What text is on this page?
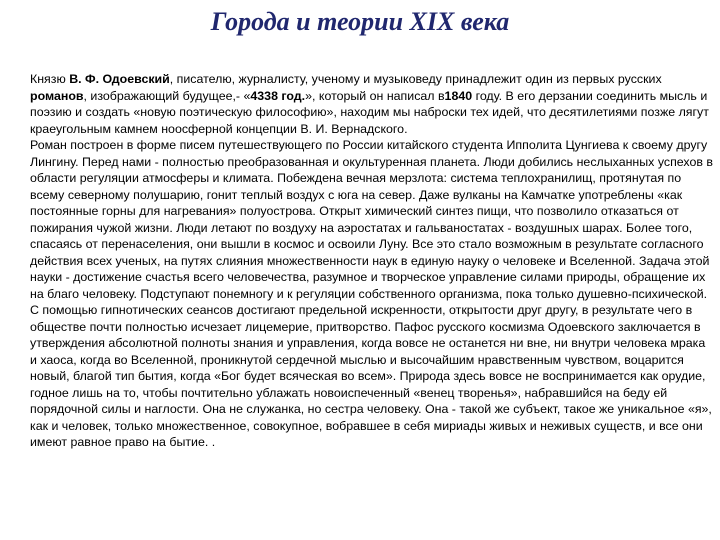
Города и теории XIX века

Князю В. Ф. Одоевский, писателю, журналисту, ученому и музыковеду принадлежит один из первых русских романов, изображающий будущее,- «4338 год.», который он написал в1840 году. В его дерзании соединить мысль и поэзию и создать «новую поэтическую философию», находим мы наброски тех идей, что десятилетиями позже лягут краеугольным камнем ноосферной концепции В. И. Вернадского.

Роман построен в форме писем путешествующего по России китайского студента Ипполита Цунгиева к своему другу Лингину. Перед нами - полностью преобразованная и окультуренная планета. Люди добились неслыханных успехов в области регуляции атмосферы и климата. Побеждена вечная мерзлота: система теплохранилищ, протянутая по всему северному полушарию, гонит теплый воздух с юга на север. Даже вулканы на Камчатке употреблены «как постоянные горны для нагревания» полуострова. Открыт химический синтез пищи, что позволило отказаться от пожирания чужой жизни. Люди летают по воздуху на аэростатах и гальваностатах - воздушных шарах. Более того, спасаясь от перенаселения, они вышли в космос и освоили Луну. Все это стало возможным в результате согласного действия всех ученых, на путях слияния множественности наук в единую науку о человеке и Вселенной. Задача этой науки - достижение счастья всего человечества, разумное и творческое управление силами природы, обращение их на благо человеку. Подступают понемногу и к регуляции собственного организма, пока только душевно-психической. С помощью гипнотических сеансов достигают предельной искренности, открытости друг другу, в результате чего в обществе почти полностью исчезает лицемерие, притворство. Пафос русского космизма Одоевского заключается в утверждения абсолютной полноты знания и управления, когда вовсе не останется ни вне, ни внутри человека мрака и хаоса, когда во Вселенной, проникнутой сердечной мыслью и высочайшим нравственным чувством, воцарится новый, благой тип бытия, когда «Бог будет всяческая во всем». Природа здесь вовсе не воспринимается как орудие, годное лишь на то, чтобы почтительно ублажать новоиспеченный «венец творенья», набравшийся на беду ей порядочной силы и наглости. Она не служанка, но сестра человеку. Она - такой же субъект, такое же уникальное «я», как и человек, только множественное, совокупное, вобравшее в себя мириады живых и неживых существ, и все они имеют равное право на бытие. .
